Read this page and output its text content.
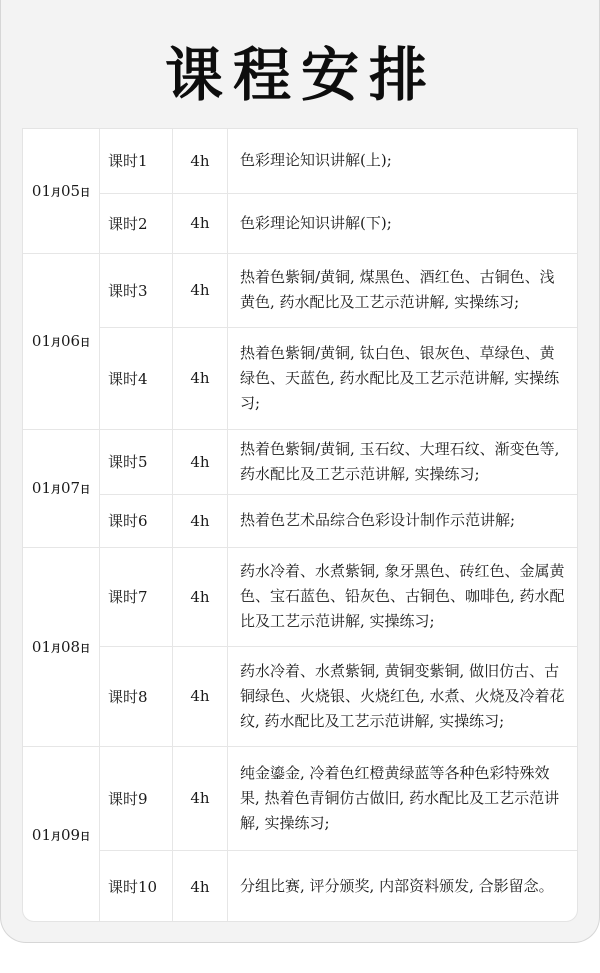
课程安排
01月05日	课时1	4h	色彩理论知识讲解(上);
	课时2	4h	色彩理论知识讲解(下);
01月06日	课时3	4h	热着色紫铜/黄铜, 煤黑色、酒红色、古铜色、浅黄色, 药水配比及工艺示范讲解, 实操练习;
	课时4	4h	热着色紫铜/黄铜, 钛白色、银灰色、草绿色、黄绿色、天蓝色, 药水配比及工艺示范讲解, 实操练习;
01月07日	课时5	4h	热着色紫铜/黄铜, 玉石纹、大理石纹、渐变色等, 药水配比及工艺示范讲解, 实操练习;
	课时6	4h	热着色艺术品综合色彩设计制作示范讲解;
01月08日	课时7	4h	药水冷着、水煮紫铜, 象牙黑色、砖红色、金属黄色、宝石蓝色、铅灰色、古铜色、咖啡色, 药水配比及工艺示范讲解, 实操练习;
	课时8	4h	药水冷着、水煮紫铜, 黄铜变紫铜, 做旧仿古、古铜绿色、火烧银、火烧红色, 水煮、火烧及冷着花纹, 药水配比及工艺示范讲解, 实操练习;
01月09日	课时9	4h	纯金鎏金, 冷着色红橙黄绿蓝等各种色彩特殊效果, 热着色青铜仿古做旧, 药水配比及工艺示范讲解, 实操练习;
	课时10	4h	分组比赛, 评分颁奖, 内部资料颁发, 合影留念。
